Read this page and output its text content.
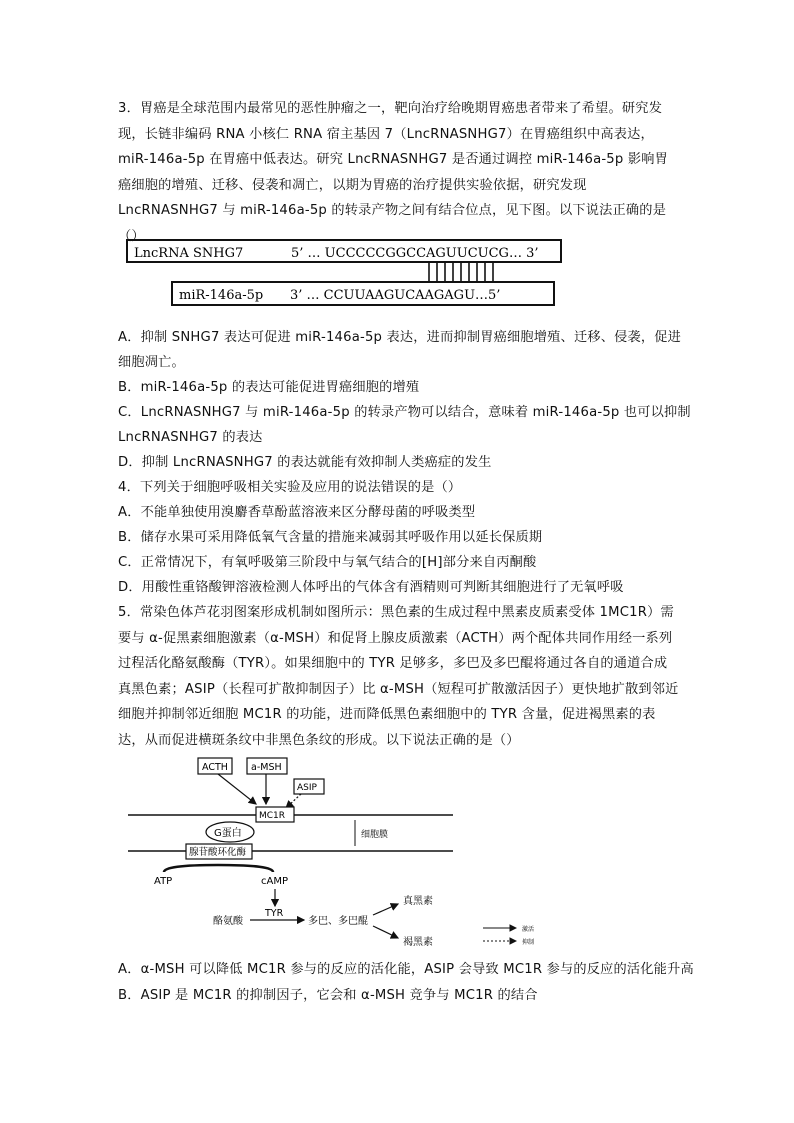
3．胃癌是全球范围内最常见的恶性肿瘤之一，靶向治疗给晚期胃癌患者带来了希望。研究发现，长链非编码 RNA 小核仁 RNA 宿主基因 7（LncRNASNHG7）在胃癌组织中高表达，miR-146a-5p 在胃癌中低表达。研究 LncRNASNHG7 是否通过调控 miR-146a-5p 影响胃癌细胞的增殖、迁移、侵袭和凋亡，以期为胃癌的治疗提供实验依据，研究发现 LncRNASNHG7 与 miR-146a-5p 的转录产物之间有结合位点，见下图。以下说法正确的是（）

LncRNA SNHG7	5’ … UCCCCCGGCCAGUUCUCG… 3’
miR-146a-5p 3’ … CCUUAAGUCAAGAGU…5’
A．抑制 SNHG7 表达可促进 miR-146a-5p 表达，进而抑制胃癌细胞增殖、迁移、侵袭，促进
细胞凋亡。
B．miR-146a-5p 的表达可能促进胃癌细胞的增殖
C．LncRNASNHG7 与 miR-146a-5p 的转录产物可以结合，意味着 miR-146a-5p 也可以抑制
LncRNASNHG7 的表达
D．抑制 LncRNASNHG7 的表达就能有效抑制人类癌症的发生
4．下列关于细胞呼吸相关实验及应用的说法错误的是（）
A．不能单独使用溴麝香草酚蓝溶液来区分酵母菌的呼吸类型
B．储存水果可采用降低氧气含量的措施来减弱其呼吸作用以延长保质期
C．正常情况下，有氧呼吸第三阶段中与氧气结合的[H]部分来自丙酮酸
D．用酸性重铬酸钾溶液检测人体呼出的气体含有酒精则可判断其细胞进行了无氧呼吸

5．常染色体芦花羽图案形成机制如图所示：黑色素的生成过程中黑素皮质素受体 1MC1R）需要与 α-促黑素细胞激素（α-MSH）和促肾上腺皮质激素（ACTH）两个配体共同作用经一系列过程活化酪氨酸酶（TYR）。如果细胞中的 TYR 足够多，多巴及多巴醌将通过各自的通道合成真黑色素；ASIP（长程可扩散抑制因子）比 α-MSH（短程可扩散激活因子）更快地扩散到邻近细胞并抑制邻近细胞 MC1R 的功能，进而降低黑色素细胞中的 TYR 含量，促进褐黑素的表达，从而促进横斑条纹中非黑色条纹的形成。以下说法正确的是（）

ACTH a-MSH
ASIP
MC1R
G蛋白	细胞膜
腺苷酸环化酶
ATP	cAMP
TYR
酪氨酸	多巴、多巴醌
真黑素
褐黑素
激活
抑制
A．α-MSH 可以降低 MC1R 参与的反应的活化能，ASIP 会导致 MC1R 参与的反应的活化能升高
B．ASIP 是 MC1R 的抑制因子，它会和 α-MSH 竞争与 MC1R 的结合
